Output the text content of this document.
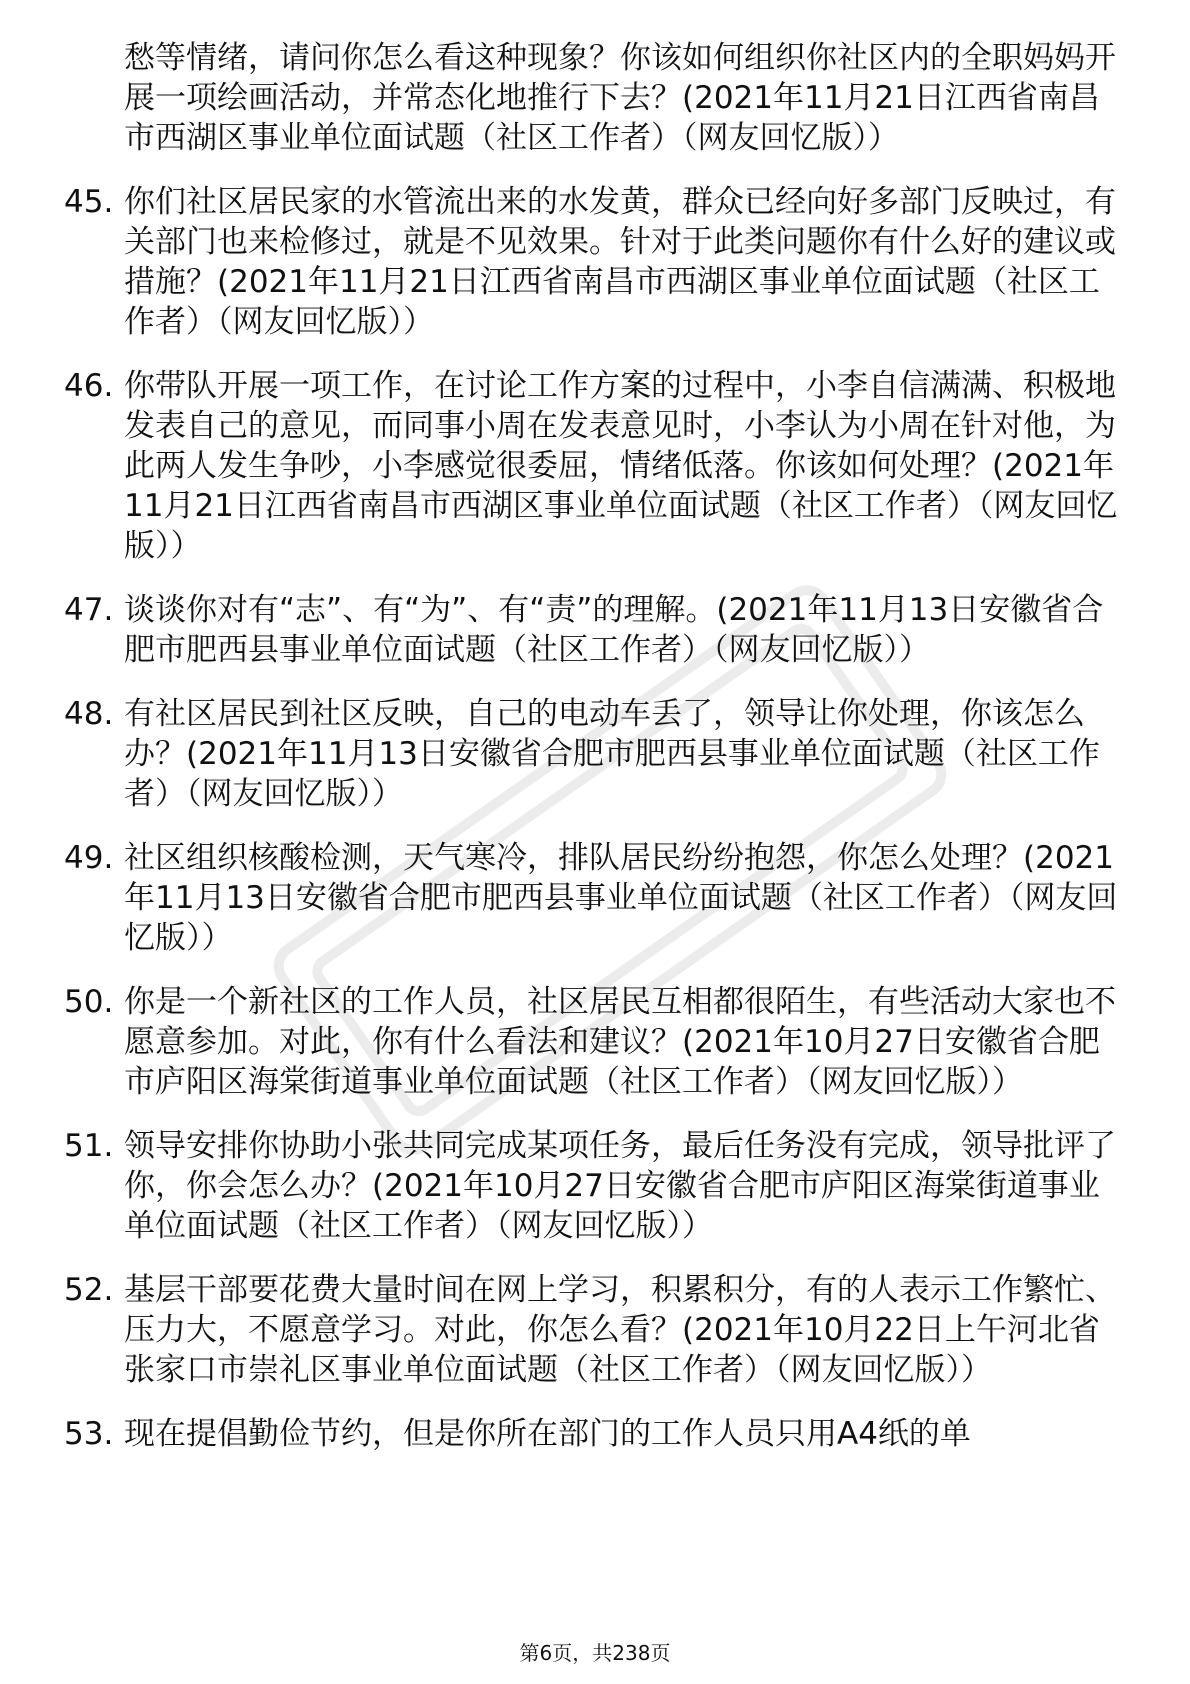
愁等情绪，请问你怎么看这种现象？你该如何组织你社区内的全职妈妈开展一项绘画活动，并常态化地推行下去？(2021年11月21日江西省南昌市西湖区事业单位面试题（社区工作者）（网友回忆版））
45. 你们社区居民家的水管流出来的水发黄，群众已经向好多部门反映过，有关部门也来检修过，就是不见效果。针对于此类问题你有什么好的建议或措施？(2021年11月21日江西省南昌市西湖区事业单位面试题（社区工作者）（网友回忆版））
46. 你带队开展一项工作，在讨论工作方案的过程中，小李自信满满、积极地发表自己的意见，而同事小周在发表意见时，小李认为小周在针对他，为此两人发生争吵，小李感觉很委屈，情绪低落。你该如何处理？(2021年11月21日江西省南昌市西湖区事业单位面试题（社区工作者）（网友回忆版））
47. 谈谈你对有“志”、有“为”、有“责”的理解。(2021年11月13日安徽省合肥市肥西县事业单位面试题（社区工作者）（网友回忆版））
48. 有社区居民到社区反映，自己的电动车丢了，领导让你处理，你该怎么办？(2021年11月13日安徽省合肥市肥西县事业单位面试题（社区工作者）（网友回忆版））
49. 社区组织核酸检测，天气寒冷，排队居民纷纷抱怨，你怎么处理？(2021年11月13日安徽省合肥市肥西县事业单位面试题（社区工作者）（网友回忆版））
50. 你是一个新社区的工作人员，社区居民互相都很陌生，有些活动大家也不愿意参加。对此，你有什么看法和建议？(2021年10月27日安徽省合肥市庐阳区海棠街道事业单位面试题（社区工作者）（网友回忆版））
51. 领导安排你协助小张共同完成某项任务，最后任务没有完成，领导批评了你，你会怎么办？(2021年10月27日安徽省合肥市庐阳区海棠街道事业单位面试题（社区工作者）（网友回忆版））
52. 基层干部要花费大量时间在网上学习，积累积分，有的人表示工作繁忙、压力大，不愿意学习。对此，你怎么看？(2021年10月22日上午河北省张家口市崇礼区事业单位面试题（社区工作者）（网友回忆版））
53. 现在提倡勤俭节约，但是你所在部门的工作人员只用A4纸的单
第6页，共238页
